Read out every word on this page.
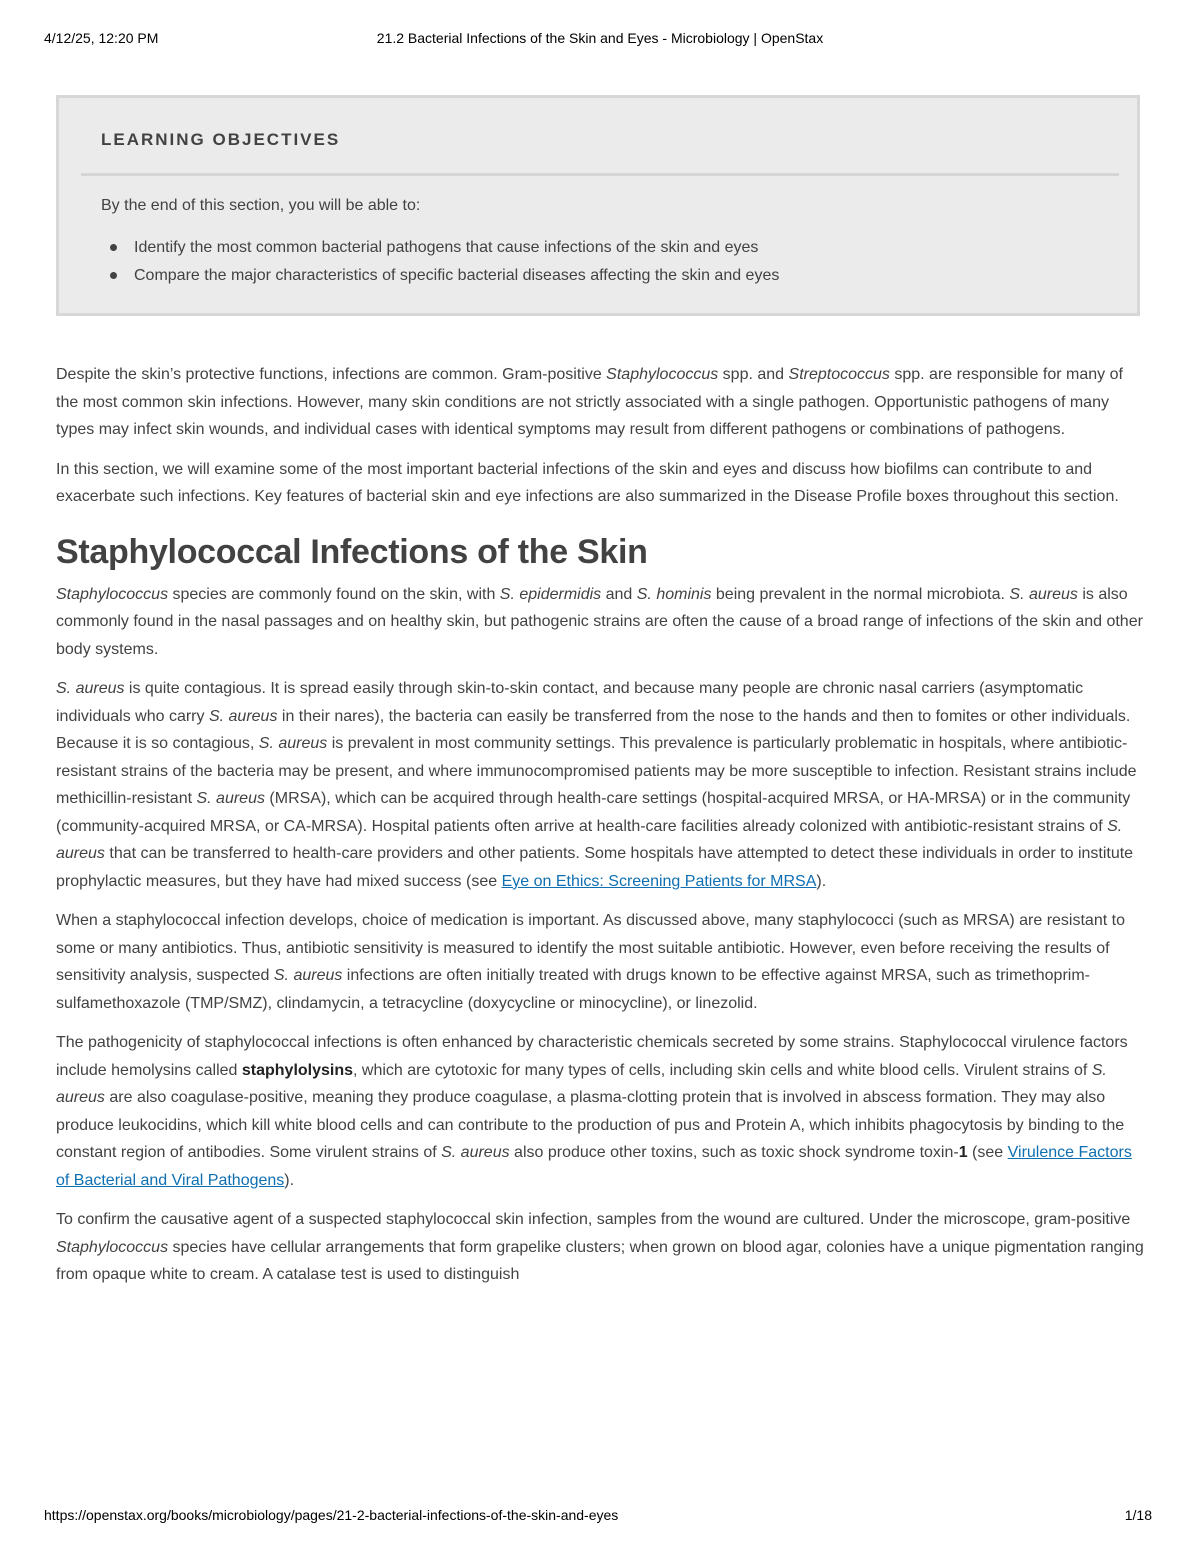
4/12/25, 12:20 PM	21.2 Bacterial Infections of the Skin and Eyes - Microbiology | OpenStax
LEARNING OBJECTIVES
By the end of this section, you will be able to:
Identify the most common bacterial pathogens that cause infections of the skin and eyes
Compare the major characteristics of specific bacterial diseases affecting the skin and eyes

Despite the skin’s protective functions, infections are common. Gram-positive Staphylococcus spp. and Streptococcus spp. are responsible for many of the most common skin infections. However, many skin conditions are not strictly associated with a single pathogen. Opportunistic pathogens of many types may infect skin wounds, and individual cases with identical symptoms may result from different pathogens or combinations of pathogens.

In this section, we will examine some of the most important bacterial infections of the skin and eyes and discuss how biofilms can contribute to and exacerbate such infections. Key features of bacterial skin and eye infections are also summarized in the Disease Profile boxes throughout this section.

Staphylococcal Infections of the Skin

Staphylococcus species are commonly found on the skin, with S. epidermidis and S. hominis being prevalent in the normal microbiota. S. aureus is also commonly found in the nasal passages and on healthy skin, but pathogenic strains are often the cause of a broad range of infections of the skin and other body systems.

S. aureus is quite contagious. It is spread easily through skin-to-skin contact, and because many people are chronic nasal carriers (asymptomatic individuals who carry S. aureus in their nares), the bacteria can easily be transferred from the nose to the hands and then to fomites or other individuals. Because it is so contagious, S. aureus is prevalent in most community settings. This prevalence is particularly problematic in hospitals, where antibiotic-resistant strains of the bacteria may be present, and where immunocompromised patients may be more susceptible to infection. Resistant strains include methicillin-resistant S. aureus (MRSA), which can be acquired through health-care settings (hospital-acquired MRSA, or HA-MRSA) or in the community (community-acquired MRSA, or CA-MRSA). Hospital patients often arrive at health-care facilities already colonized with antibiotic-resistant strains of S. aureus that can be transferred to health-care providers and other patients. Some hospitals have attempted to detect these individuals in order to institute prophylactic measures, but they have had mixed success (see Eye on Ethics: Screening Patients for MRSA).

When a staphylococcal infection develops, choice of medication is important. As discussed above, many staphylococci (such as MRSA) are resistant to some or many antibiotics. Thus, antibiotic sensitivity is measured to identify the most suitable antibiotic. However, even before receiving the results of sensitivity analysis, suspected S. aureus infections are often initially treated with drugs known to be effective against MRSA, such as trimethoprim-sulfamethoxazole (TMP/SMZ), clindamycin, a tetracycline (doxycycline or minocycline), or linezolid.

The pathogenicity of staphylococcal infections is often enhanced by characteristic chemicals secreted by some strains. Staphylococcal virulence factors include hemolysins called staphylolysins, which are cytotoxic for many types of cells, including skin cells and white blood cells. Virulent strains of S. aureus are also coagulase-positive, meaning they produce coagulase, a plasma-clotting protein that is involved in abscess formation. They may also produce leukocidins, which kill white blood cells and can contribute to the production of pus and Protein A, which inhibits phagocytosis by binding to the constant region of antibodies. Some virulent strains of S. aureus also produce other toxins, such as toxic shock syndrome toxin-1 (see Virulence Factors of Bacterial and Viral Pathogens).

To confirm the causative agent of a suspected staphylococcal skin infection, samples from the wound are cultured. Under the microscope, gram-positive Staphylococcus species have cellular arrangements that form grapelike clusters; when grown on blood agar, colonies have a unique pigmentation ranging from opaque white to cream. A catalase test is used to distinguish

https://openstax.org/books/microbiology/pages/21-2-bacterial-infections-of-the-skin-and-eyes	1/18
